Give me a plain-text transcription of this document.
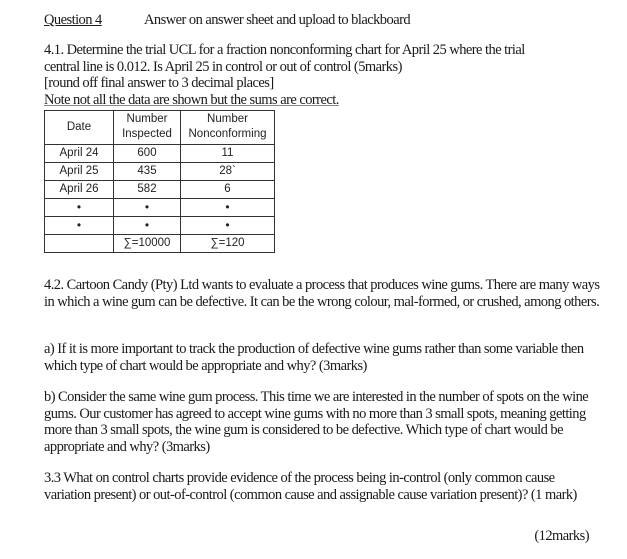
Question 4	Answer on answer sheet and upload to blackboard
4.1. Determine the trial UCL for a fraction nonconforming chart for April 25 where the trial
central line is 0.012. Is April 25 in control or out of control (5marks)
[round off final answer to 3 decimal places]
Note not all the data are shown but the sums are correct.
Date	Number Inspected	Number Nonconforming
April 24	600	11
April 25	435	28`
April 26	582	6
•	•	•
•	•	•
	∑=10000	∑=120
4.2. Cartoon Candy (Pty) Ltd wants to evaluate a process that produces wine gums. There are many ways in which a wine gum can be defective. It can be the wrong colour, mal-formed, or crushed, among others.
a) If it is more important to track the production of defective wine gums rather than some variable then which type of chart would be appropriate and why? (3marks)
b) Consider the same wine gum process. This time we are interested in the number of spots on the wine gums. Our customer has agreed to accept wine gums with no more than 3 small spots, meaning getting more than 3 small spots, the wine gum is considered to be defective. Which type of chart would be appropriate and why? (3marks)
3.3 What on control charts provide evidence of the process being in-control (only common cause variation present) or out-of-control (common cause and assignable cause variation present)? (1 mark)
(12marks)
